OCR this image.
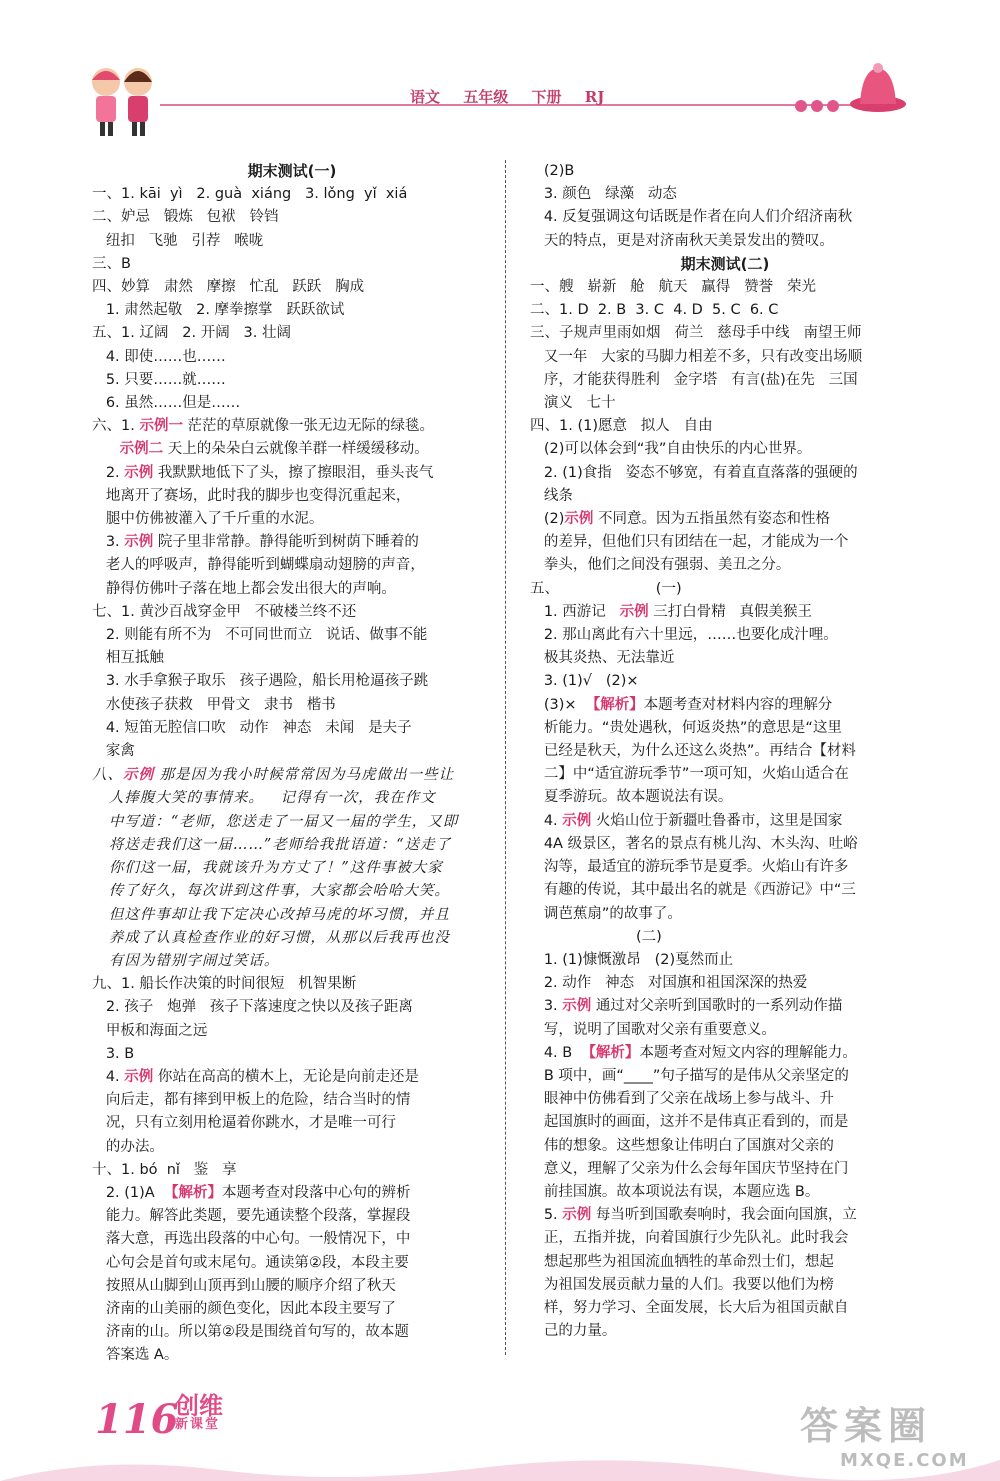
语文 五年级 下册 RJ
期末测试(一)
一、1. kāi  yì   2. guà  xiáng   3. lǒng  yǐ  xiá
二、妒忌   锻炼   包袱   铃铛
纽扣   飞驰   引荐   喉咙
三、B
四、妙算   肃然   摩擦   忙乱   跃跃   胸成
1. 肃然起敬   2. 摩拳擦掌   跃跃欲试
五、1. 辽阔   2. 开阔   3. 壮阔
4. 即使……也……
5. 只要……就……
6. 虽然……但是……
六、1. 示例一 茫茫的草原就像一张无边无际的绿毯。
示例二 天上的朵朵白云就像羊群一样缓缓移动。
2. 示例 我默默地低下了头，擦了擦眼泪，垂头丧气
地离开了赛场，此时我的脚步也变得沉重起来，
腿中仿佛被灌入了千斤重的水泥。
3. 示例 院子里非常静。静得能听到树荫下睡着的
老人的呼吸声，静得能听到蝴蝶扇动翅膀的声音，
静得仿佛叶子落在地上都会发出很大的声响。
七、1. 黄沙百战穿金甲   不破楼兰终不还
2. 则能有所不为   不可同世而立   说话、做事不能
相互抵触
3. 水手拿猴子取乐   孩子遇险，船长用枪逼孩子跳
水使孩子获救   甲骨文   隶书   楷书
4. 短笛无腔信口吹   动作   神态   未闻   是夫子
家禽
八、示例 那是因为我小时候常常因为马虎做出一些让
人捧腹大笑的事情来。   记得有一次，我在作文
中写道：“老师，您送走了一届又一届的学生，又即
将送走我们这一届……”老师给我批语道：“送走了
你们这一届，我就该升为方丈了！”这件事被大家
传了好久，每次讲到这件事，大家都会哈哈大笑。
但这件事却让我下定决心改掉马虎的坏习惯，并且
养成了认真检查作业的好习惯，从那以后我再也没
有因为错别字闹过笑话。
九、1. 船长作决策的时间很短   机智果断
2. 孩子   炮弹   孩子下落速度之快以及孩子距离
甲板和海面之远
3. B
4. 示例 你站在高高的横木上，无论是向前走还是
向后走，都有摔到甲板上的危险，结合当时的情
况，只有立刻用枪逼着你跳水，才是唯一可行
的办法。
十、1. bó  nǐ   鉴   享
2. (1)A  【解析】本题考查对段落中心句的辨析
能力。解答此类题，要先通读整个段落，掌握段
落大意，再选出段落的中心句。一般情况下，中
心句会是首句或末尾句。通读第②段，本段主要
按照从山脚到山顶再到山腰的顺序介绍了秋天
济南的山美丽的颜色变化，因此本段主要写了
济南的山。所以第②段是围绕首句写的，故本题
答案选 A。
(2)B
3. 颜色   绿藻   动态
4. 反复强调这句话既是作者在向人们介绍济南秋
天的特点，更是对济南秋天美景发出的赞叹。
期末测试(二)
一、艘   崭新   舱   航天   赢得   赞誉   荣光
二、1. D  2. B  3. C  4. D  5. C  6. C
三、子规声里雨如烟   荷兰   慈母手中线   南望王师
又一年   大家的马脚力相差不多，只有改变出场顺
序，才能获得胜利   金字塔   有言(盐)在先   三国
演义   七十
四、1. (1)愿意   拟人   自由
(2)可以体会到“我”自由快乐的内心世界。
2. (1)食指   姿态不够宽，有着直直落落的强硬的
线条
(2)示例 不同意。因为五指虽然有姿态和性格
的差异，但他们只有团结在一起，才能成为一个
拳头，他们之间没有强弱、美丑之分。
五、                     (一)
1. 西游记   示例 三打白骨精   真假美猴王
2. 那山离此有六十里远，……也要化成汁哩。
极其炎热、无法靠近
3. (1)√   (2)×
(3)×  【解析】本题考查对材料内容的理解分
析能力。“贵处遇秋，何返炎热”的意思是“这里
已经是秋天，为什么还这么炎热”。再结合【材料
二】中“适宜游玩季节”一项可知，火焰山适合在
夏季游玩。故本题说法有误。
4. 示例 火焰山位于新疆吐鲁番市，这里是国家
4A 级景区，著名的景点有桃儿沟、木头沟、吐峪
沟等，最适宜的游玩季节是夏季。火焰山有许多
有趣的传说，其中最出名的就是《西游记》中“三
调芭蕉扇”的故事了。
(二)
1. (1)慷慨激昂   (2)戛然而止
2. 动作   神态   对国旗和祖国深深的热爱
3. 示例 通过对父亲听到国歌时的一系列动作描
写，说明了国歌对父亲有重要意义。
4. B  【解析】本题考查对短文内容的理解能力。
B 项中，画“____”句子描写的是伟从父亲坚定的
眼神中仿佛看到了父亲在战场上参与战斗、升
起国旗时的画面，这并不是伟真正看到的，而是
伟的想象。这些想象让伟明白了国旗对父亲的
意义，理解了父亲为什么会每年国庆节坚持在门
前挂国旗。故本项说法有误，本题应选 B。
5. 示例 每当听到国歌奏响时，我会面向国旗，立
正，五指并拢，向着国旗行少先队礼。此时我会
想起那些为祖国流血牺牲的革命烈士们，想起
为祖国发展贡献力量的人们。我要以他们为榜
样，努力学习、全面发展，长大后为祖国贡献自
己的力量。
116
创维
新课堂	答案圈
MXQE.COM
